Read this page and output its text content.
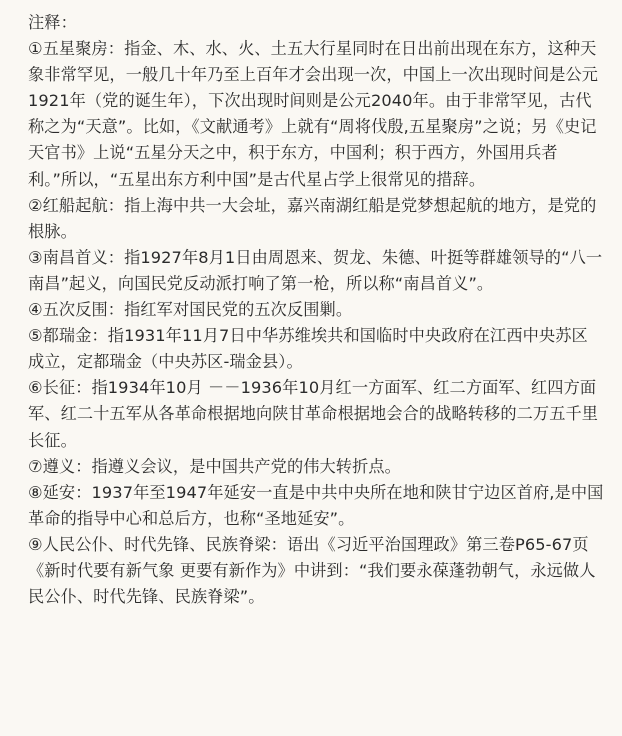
注释：

①五星聚房：指金、木、水、火、土五大行星同时在日出前出现在东方，这种天象非常罕见，一般几十年乃至上百年才会出现一次，中国上一次出现时间是公元1921年（党的诞生年），下次出现时间则是公元2040年。由于非常罕见，古代称之为“天意”。比如，《文献通考》上就有“周将伐殷,五星聚房”之说；另《史记天官书》上说“五星分天之中，积于东方，中国利；积于西方，外国用兵者利。”所以，“五星出东方利中国”是古代星占学上很常见的措辞。

②红船起航：指上海中共一大会址，嘉兴南湖红船是党梦想起航的地方，是党的根脉。

③南昌首义：指1927年8月1日由周恩来、贺龙、朱德、叶挺等群雄领导的“八一南昌”起义，向国民党反动派打响了第一枪，所以称“南昌首义”。

④五次反围：指红军对国民党的五次反围剿。

⑤都瑞金：指1931年11月7日中华苏维埃共和国临时中央政府在江西中央苏区成立，定都瑞金（中央苏区-瑞金县）。

⑥长征：指1934年10月 －－1936年10月红一方面军、红二方面军、红四方面军、红二十五军从各革命根据地向陕甘革命根据地会合的战略转移的二万五千里长征。

⑦遵义：指遵义会议，是中国共产党的伟大转折点。

⑧延安：1937年至1947年延安一直是中共中央所在地和陕甘宁边区首府,是中国革命的指导中心和总后方，也称“圣地延安”。

⑨人民公仆、时代先锋、民族脊梁：语出《习近平治国理政》第三卷P65-67页《新时代要有新气象 更要有新作为》中讲到：“我们要永葆蓬勃朝气，永远做人民公仆、时代先锋、民族脊梁”。
